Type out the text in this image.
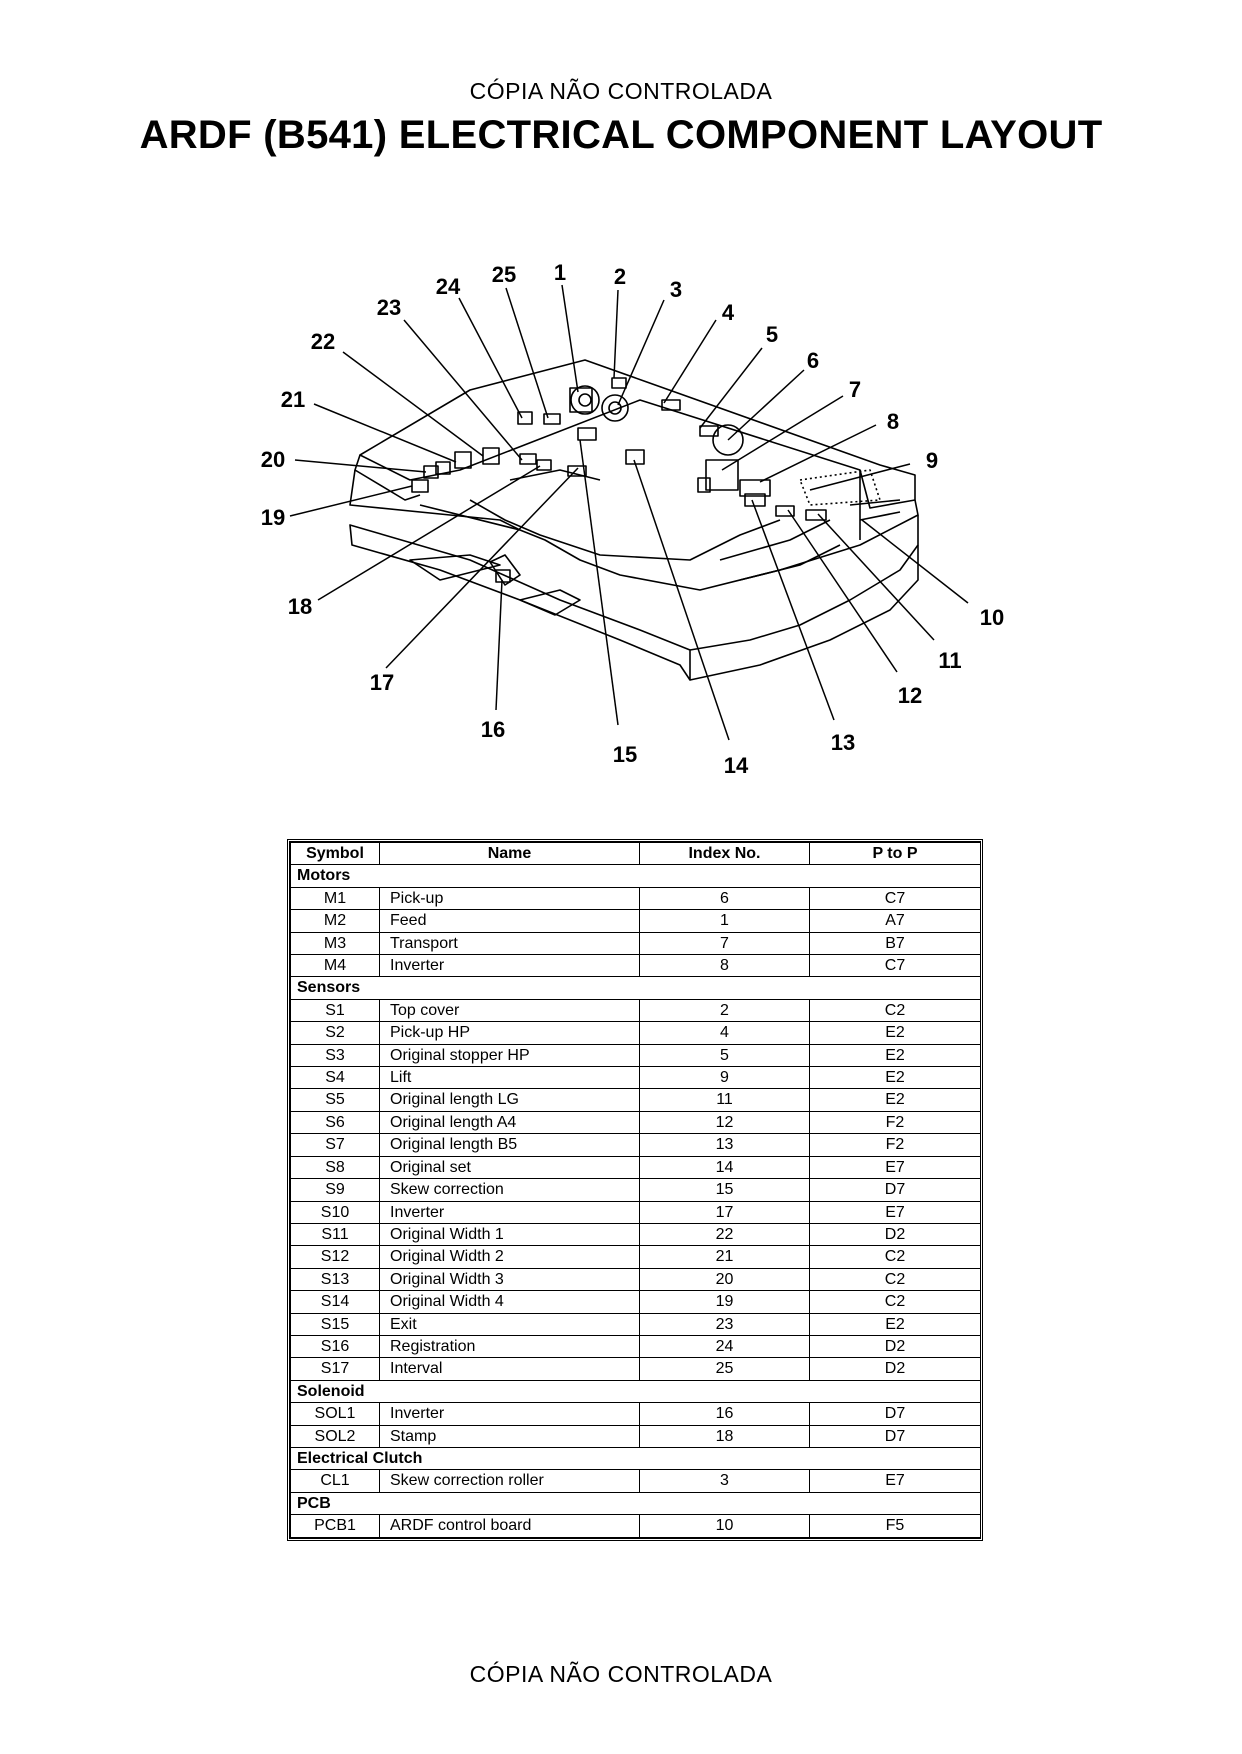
CÓPIA NÃO CONTROLADA
ARDF (B541) ELECTRICAL COMPONENT LAYOUT
1 2
3
4
5
6
7
8
9
10
11
12
13
14
15
16
17
18
19
20
21
22
23
24 25
Symbol	Name	Index No.	P to P
Motors			
M1	Pick-up	6	C7
M2	Feed	1	A7
M3	Transport	7	B7
M4	Inverter	8	C7
Sensors			
S1	Top cover	2	C2
S2	Pick-up HP	4	E2
S3	Original stopper HP	5	E2
S4	Lift	9	E2
S5	Original length LG	11	E2
S6	Original length A4	12	F2
S7	Original length B5	13	F2
S8	Original set	14	E7
S9	Skew correction	15	D7
S10	Inverter	17	E7
S11	Original Width 1	22	D2
S12	Original Width 2	21	C2
S13	Original Width 3	20	C2
S14	Original Width 4	19	C2
S15	Exit	23	E2
S16	Registration	24	D2
S17	Interval	25	D2
Solenoid			
SOL1	Inverter	16	D7
SOL2	Stamp	18	D7
Electrical Clutch			
CL1	Skew correction roller	3	E7
PCB			
PCB1	ARDF control board	10	F5
CÓPIA NÃO CONTROLADA
